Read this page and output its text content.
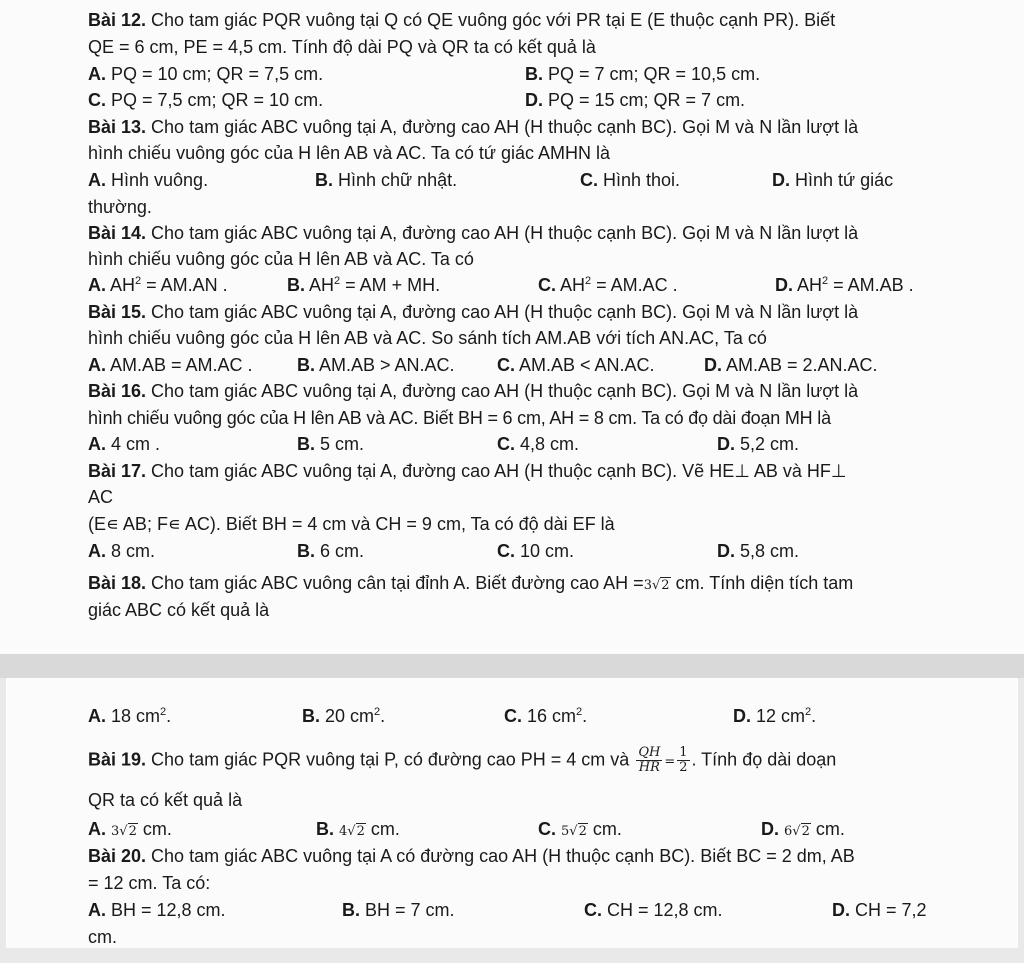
Bài 12. Cho tam giác PQR vuông tại Q có QE vuông góc với PR tại E (E thuộc cạnh PR). Biết
QE = 6 cm, PE = 4,5 cm. Tính độ dài PQ và QR ta có kết quả là
A. PQ = 10 cm; QR = 7,5 cm.	B. PQ = 7 cm; QR = 10,5 cm.
C. PQ = 7,5 cm; QR = 10 cm.	D. PQ = 15 cm; QR = 7 cm.
Bài 13. Cho tam giác ABC vuông tại A, đường cao AH (H thuộc cạnh BC). Gọi M và N lần lượt là
hình chiếu vuông góc của H lên AB và AC. Ta có tứ giác AMHN là
A. Hình vuông.	B. Hình chữ nhật.	C. Hình thoi.	D. Hình tứ giác
thường.
Bài 14. Cho tam giác ABC vuông tại A, đường cao AH (H thuộc cạnh BC). Gọi M và N lần lượt là
hình chiếu vuông góc của H lên AB và AC. Ta có
A. $AH^2 = AM.AN$ .	B. $AH^2$ = AM + MH.	C. $AH^2 = AM.AC$ .	D. $AH^2 = AM.AB$ .
Bài 15. Cho tam giác ABC vuông tại A, đường cao AH (H thuộc cạnh BC). Gọi M và N lần lượt là
hình chiếu vuông góc của H lên AB và AC. So sánh tích AM.AB với tích AN.AC, Ta có
A. AM.AB = AM.AC . B. AM.AB > AN.AC. C. AM.AB < AN.AC.	D. AM.AB = 2.AN.AC.
Bài 16. Cho tam giác ABC vuông tại A, đường cao AH (H thuộc cạnh BC). Gọi M và N lần lượt là
hình chiếu vuông góc của H lên AB và AC. Biết BH = 6 cm, AH = 8 cm. Ta có đọ dài đoạn MH là
A. 4 cm .	B. 5 cm.	C. 4,8 cm.	D. 5,2 cm.
Bài 17. Cho tam giác ABC vuông tại A, đường cao AH (H thuộc cạnh BC). Vẽ HE⊥ AB và HF⊥
AC
(E∊ AB; F∊ AC). Biết BH = 4 cm và CH = 9 cm, Ta có độ dài EF là
A. 8 cm.	B. 6 cm.	C. 10 cm.	D. 5,8 cm.
Bài 18. Cho tam giác ABC vuông cân tại đỉnh A. Biết đường cao AH =3√2 cm. Tính diện tích tam
giác ABC có kết quả là
A. 18 $cm^2$.	B. 20 $cm^2$.	C. 16 $cm^2$.	D. 12 $cm^2$.
Bài 19. Cho tam giác PQR vuông tại P, có đường cao PH = 4 cm và $\frac{QH}{HR} = \frac{1}{2}$ . Tính đọ dài doạn
QR ta có kết quả là
A. 3√2 cm.	B. 4√2 cm.	C. 5√2 cm.	D. 6√2 cm.
Bài 20. Cho tam giác ABC vuông tại A có đường cao AH (H thuộc cạnh BC). Biết BC = 2 dm, AB
= 12 cm. Ta có:
A. BH = 12,8 cm.	B. BH = 7 cm.	C. CH = 12,8 cm.	D. CH = 7,2
cm.
